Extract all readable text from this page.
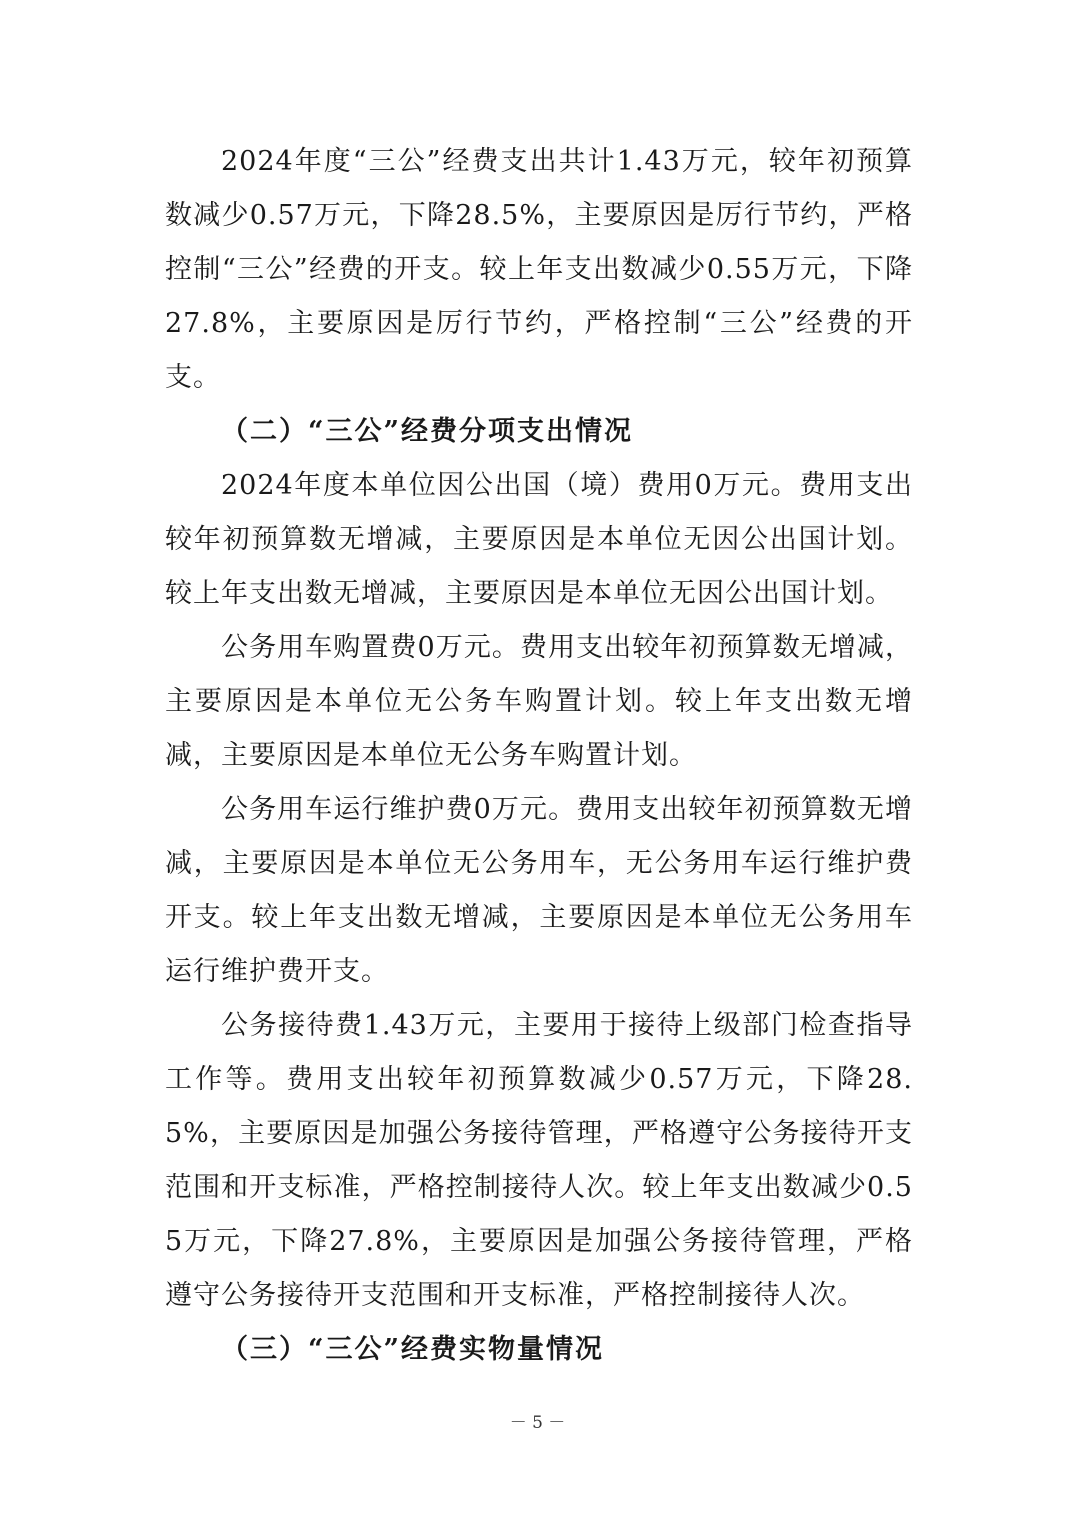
2024年度“三公”经费支出共计1.43万元，较年初预算数减少0.57万元，下降28.5%，主要原因是厉行节约，严格控制“三公”经费的开支。较上年支出数减少0.55万元，下降27.8%，主要原因是厉行节约，严格控制“三公”经费的开支。

（二）“三公”经费分项支出情况

2024年度本单位因公出国（境）费用0万元。费用支出较年初预算数无增减，主要原因是本单位无因公出国计划。较上年支出数无增减，主要原因是本单位无因公出国计划。

公务用车购置费0万元。费用支出较年初预算数无增减，主要原因是本单位无公务车购置计划。较上年支出数无增减，主要原因是本单位无公务车购置计划。

公务用车运行维护费0万元。费用支出较年初预算数无增减，主要原因是本单位无公务用车，无公务用车运行维护费开支。较上年支出数无增减，主要原因是本单位无公务用车运行维护费开支。

公务接待费1.43万元，主要用于接待上级部门检查指导工作等。费用支出较年初预算数减少0.57万元，下降28.5%，主要原因是加强公务接待管理，严格遵守公务接待开支范围和开支标准，严格控制接待人次。较上年支出数减少0.55万元，下降27.8%，主要原因是加强公务接待管理，严格遵守公务接待开支范围和开支标准，严格控制接待人次。

（三）“三公”经费实物量情况

－ 5 －
